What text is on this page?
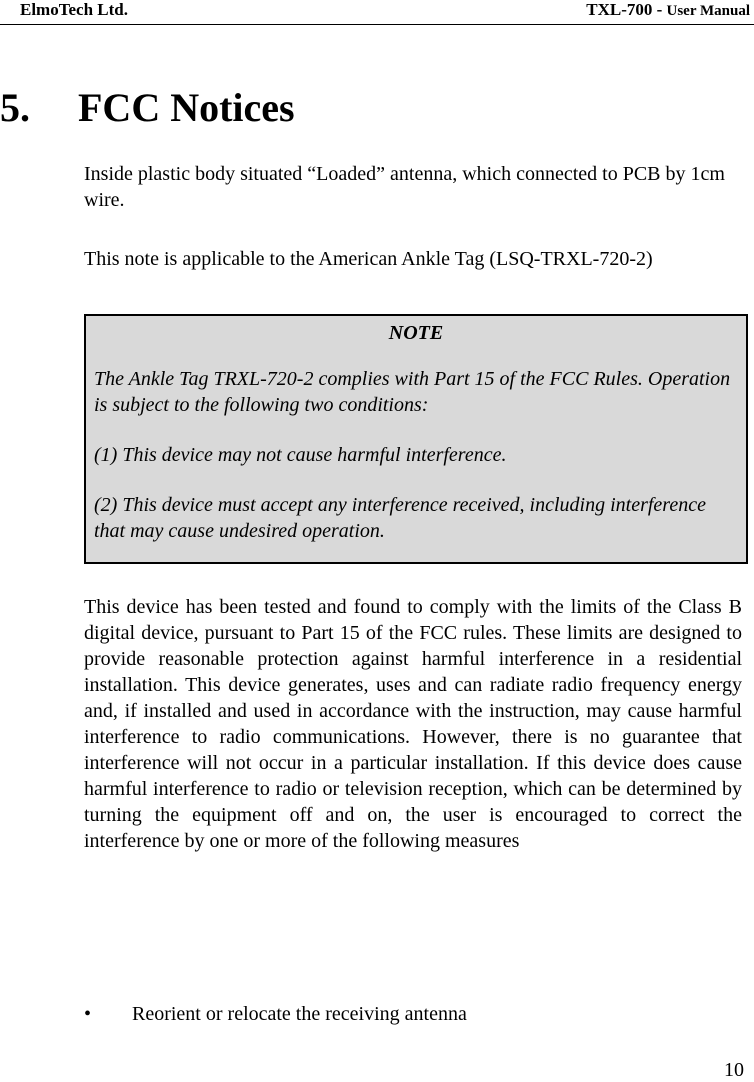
ElmoTech Ltd.	TXL-700 - User Manual
5. FCC Notices
Inside plastic body situated “Loaded” antenna, which connected to PCB by 1cm wire.
This note is applicable to the American Ankle Tag (LSQ-TRXL-720-2)
NOTE
The Ankle Tag TRXL-720-2 complies with Part 15 of the FCC Rules. Operation is subject to the following two conditions:
(1) This device may not cause harmful interference.
(2) This device must accept any interference received, including interference that may cause undesired operation.
This device has been tested and found to comply with the limits of the Class B digital device, pursuant to Part 15 of the FCC rules. These limits are designed to provide reasonable protection against harmful interference in a residential installation. This device generates, uses and can radiate radio frequency energy and, if installed and used in accordance with the instruction, may cause harmful interference to radio communications. However, there is no guarantee that interference will not occur in a particular installation. If this device does cause harmful interference to radio or television reception, which can be determined by turning the equipment off and on, the user is encouraged to correct the interference by one or more of the following measures
• Reorient or relocate the receiving antenna
10
